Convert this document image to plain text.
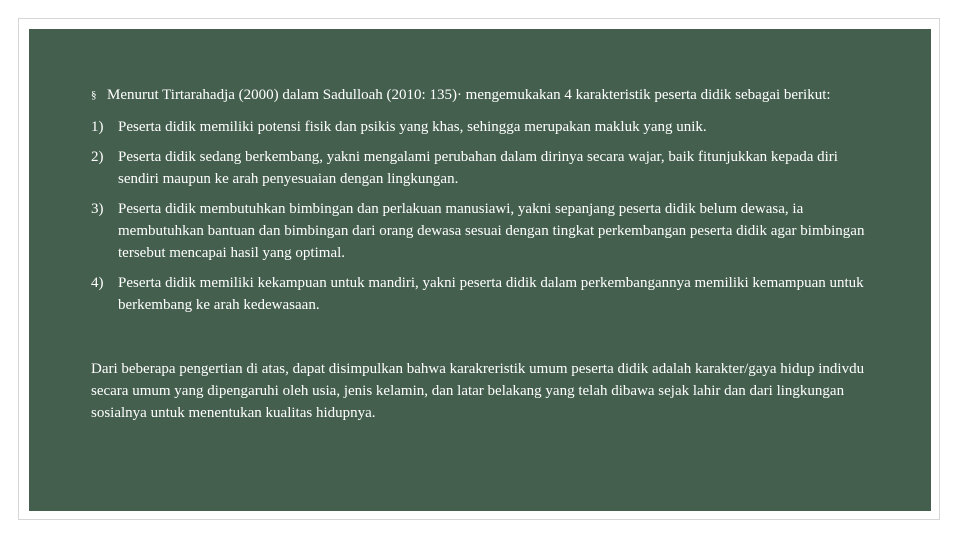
§ Menurut Tirtarahadja (2000) dalam Sadulloah (2010: 135)· mengemukakan 4 karakteristik peserta didik sebagai berikut:

1) Peserta didik memiliki potensi fisik dan psikis yang khas, sehingga merupakan makluk yang unik.
2) Peserta didik sedang berkembang, yakni mengalami perubahan dalam dirinya secara wajar, baik fitunjukkan kepada diri sendiri maupun ke arah penyesuaian dengan lingkungan.
3) Peserta didik membutuhkan bimbingan dan perlakuan manusiawi, yakni sepanjang peserta didik belum dewasa, ia membutuhkan bantuan dan bimbingan dari orang dewasa sesuai dengan tingkat perkembangan peserta didik agar bimbingan tersebut mencapai hasil yang optimal.
4) Peserta didik memiliki kekampuan untuk mandiri, yakni peserta didik dalam perkembangannya memiliki kemampuan untuk berkembang ke arah kedewasaan.

Dari beberapa pengertian di atas, dapat disimpulkan bahwa karakreristik umum peserta didik adalah karakter/gaya hidup indivdu secara umum yang dipengaruhi oleh usia, jenis kelamin, dan latar belakang yang telah dibawa sejak lahir dan dari lingkungan sosialnya untuk menentukan kualitas hidupnya.
